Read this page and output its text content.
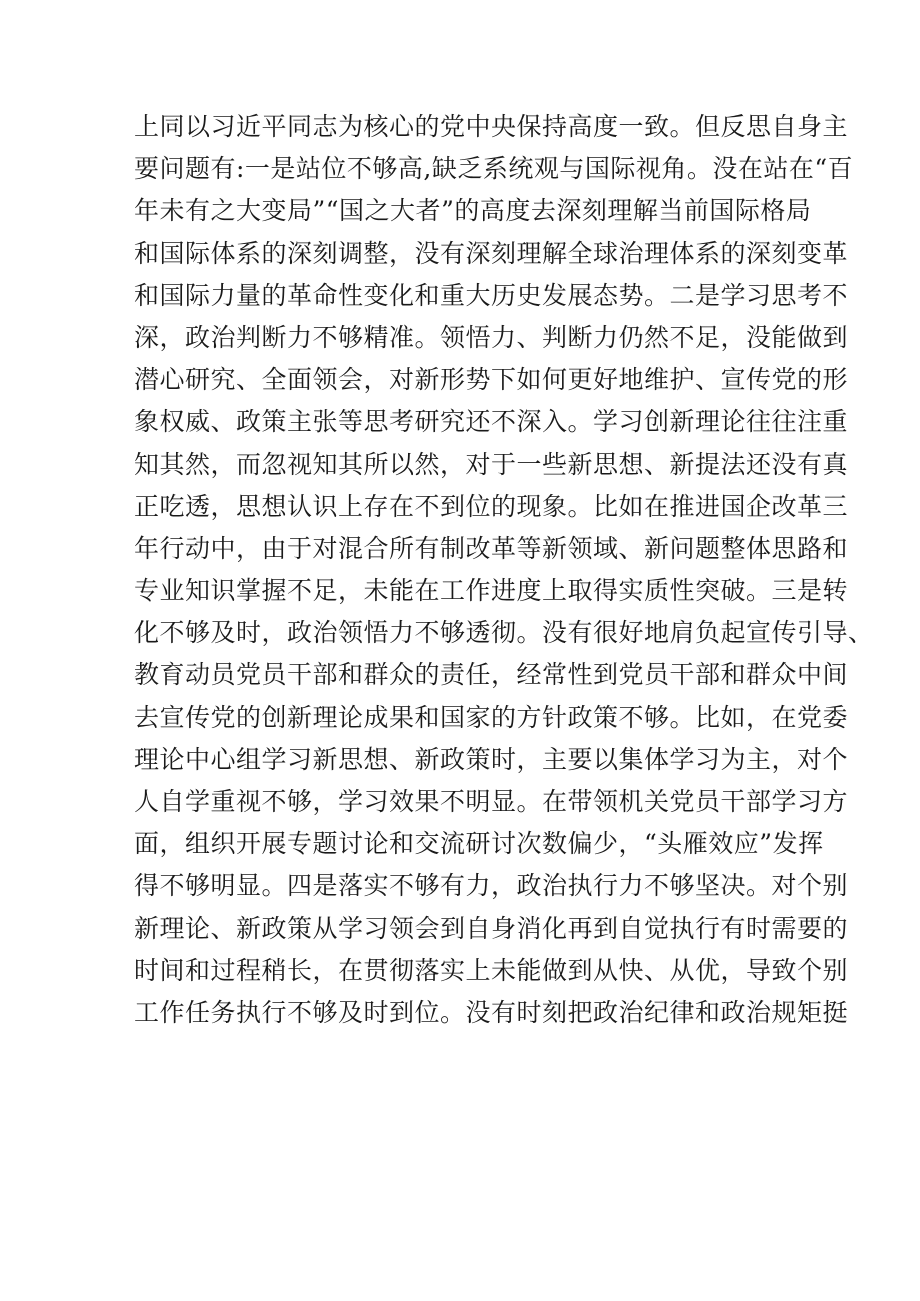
上同以习近平同志为核心的党中央保持高度一致。但反思自身主
要问题有:一是站位不够高,缺乏系统观与国际视角。没在站在“百
年未有之大变局”“国之大者”的高度去深刻理解当前国际格局
和国际体系的深刻调整，没有深刻理解全球治理体系的深刻变革
和国际力量的革命性变化和重大历史发展态势。二是学习思考不
深，政治判断力不够精准。领悟力、判断力仍然不足，没能做到
潜心研究、全面领会，对新形势下如何更好地维护、宣传党的形
象权威、政策主张等思考研究还不深入。学习创新理论往往注重
知其然，而忽视知其所以然，对于一些新思想、新提法还没有真
正吃透，思想认识上存在不到位的现象。比如在推进国企改革三
年行动中，由于对混合所有制改革等新领域、新问题整体思路和
专业知识掌握不足，未能在工作进度上取得实质性突破。三是转
化不够及时，政治领悟力不够透彻。没有很好地肩负起宣传引导、
教育动员党员干部和群众的责任，经常性到党员干部和群众中间
去宣传党的创新理论成果和国家的方针政策不够。比如，在党委
理论中心组学习新思想、新政策时，主要以集体学习为主，对个
人自学重视不够，学习效果不明显。在带领机关党员干部学习方
面，组织开展专题讨论和交流研讨次数偏少，“头雁效应”发挥
得不够明显。四是落实不够有力，政治执行力不够坚决。对个别
新理论、新政策从学习领会到自身消化再到自觉执行有时需要的
时间和过程稍长，在贯彻落实上未能做到从快、从优，导致个别
工作任务执行不够及时到位。没有时刻把政治纪律和政治规矩挺
